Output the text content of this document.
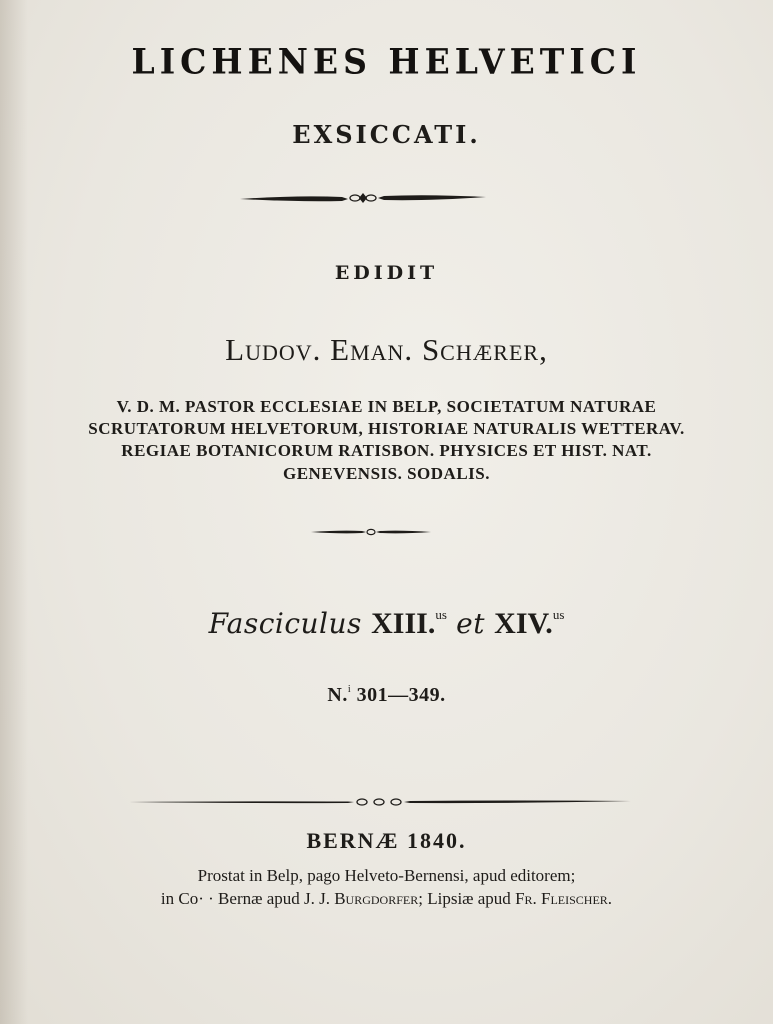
LICHENES HELVETICI
EXSICCATI.
EDIDIT
Ludov. Eman. Schærer,
V. D. M. PASTOR ECCLESIAE IN BELP, SOCIETATUM NATURAE
SCRUTATORUM HELVETORUM, HISTORIAE NATURALIS WETTERAV.
REGIAE BOTANICORUM RATISBON. PHYSICES ET HIST. NAT.
GENEVENSIS. SODALIS.
Fasciculus XIII.$^{us}$ et XIV.$^{us}$
N.$^i$ 301—349.
BERNÆ 1840.
Prostat in Belp, pago Helveto-Bernensi, apud editorem;
in Co· · Bernæ apud J. J. Burgdorfer; Lipsiæ apud Fr. Fleischer.
